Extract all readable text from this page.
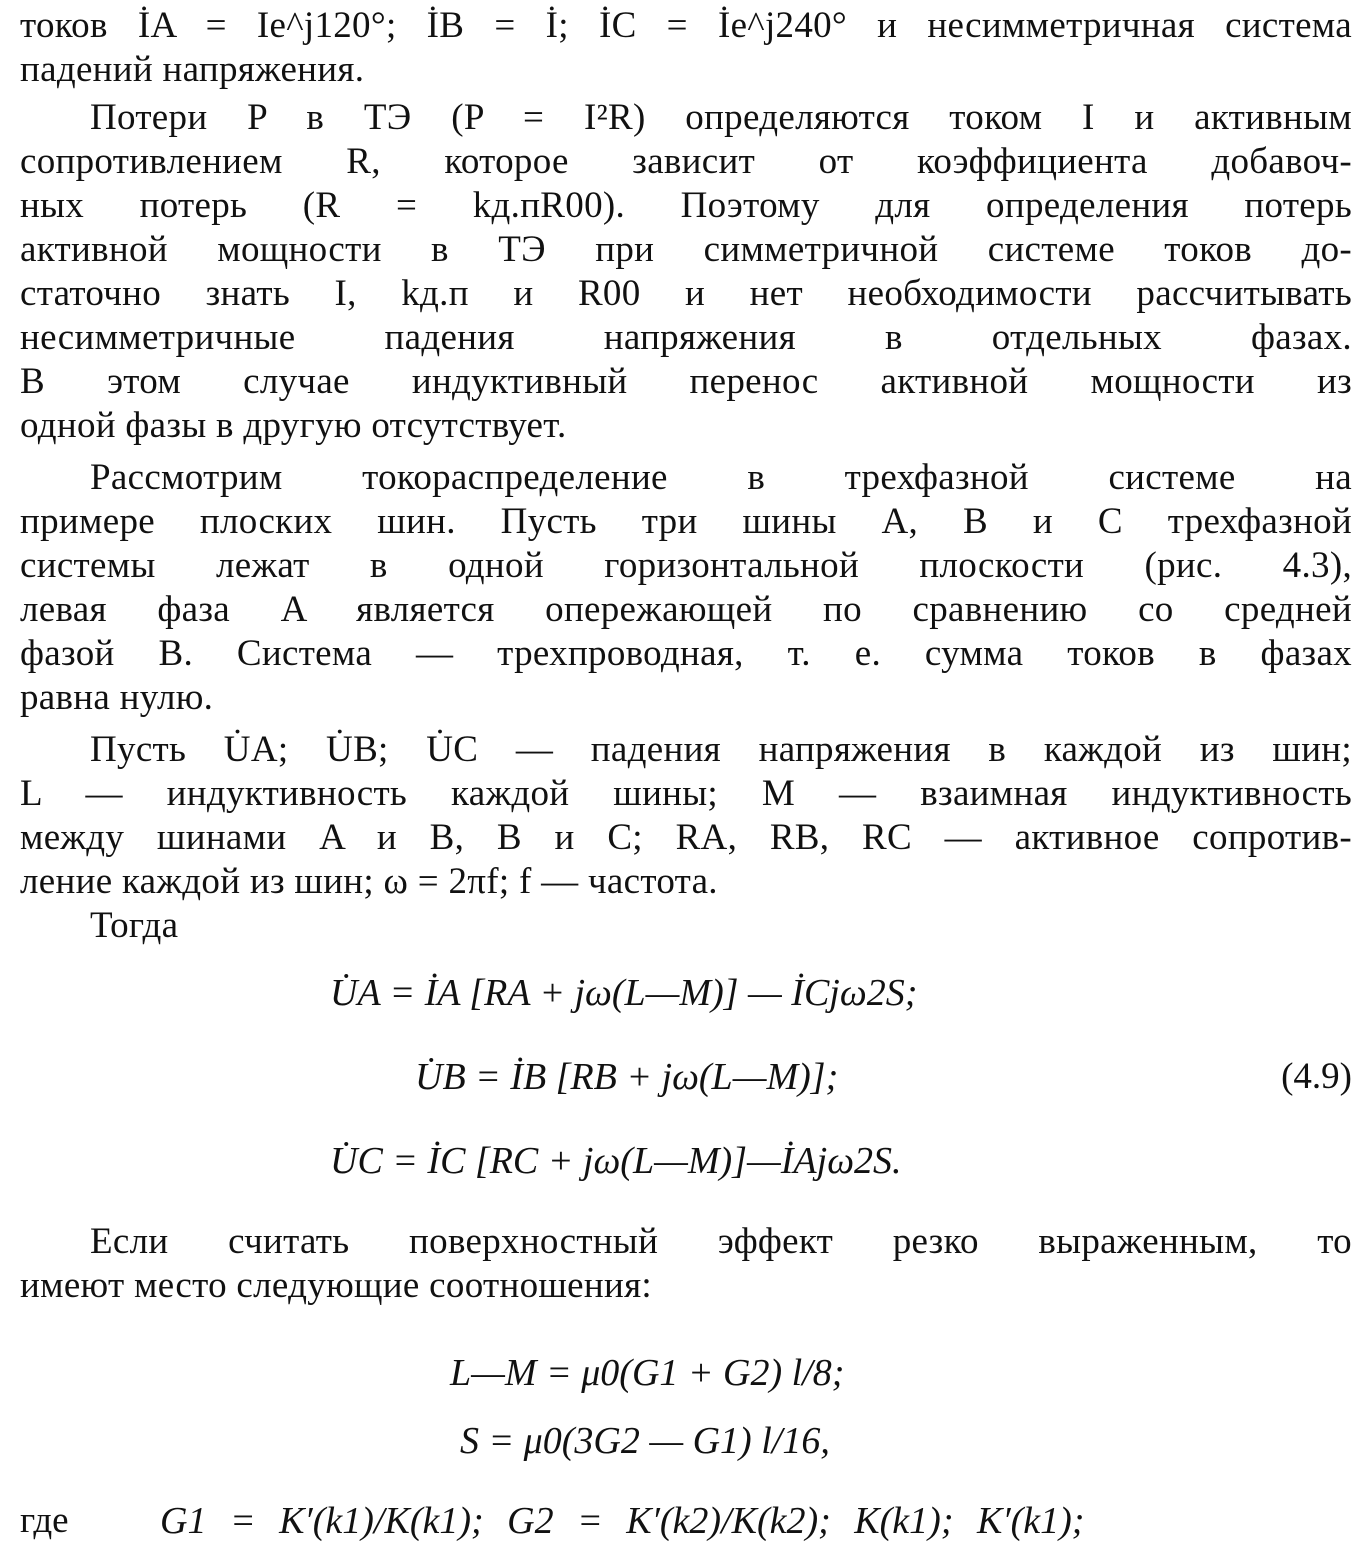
токов İA = Ie^j120°; İB = İ; İC = İe^j240° и несимметричная система
падений напряжения.
Потери P в ТЭ (P = I²R) определяются током I и активным
сопротивлением R, которое зависит от коэффициента добавоч-
ных потерь (R = kд.пR00). Поэтому для определения потерь
активной мощности в ТЭ при симметричной системе токов до-
статочно знать I, kд.п и R00 и нет необходимости рассчитывать
несимметричные падения напряжения в отдельных фазах.
В этом случае индуктивный перенос активной мощности из
одной фазы в другую отсутствует.
Рассмотрим токораспределение в трехфазной системе на
примере плоских шин. Пусть три шины A, B и C трехфазной
системы лежат в одной горизонтальной плоскости (рис. 4.3),
левая фаза A является опережающей по сравнению со средней
фазой B. Система — трехпроводная, т. е. сумма токов в фазах
равна нулю.
Пусть U̇A; U̇B; U̇C — падения напряжения в каждой из шин;
L — индуктивность каждой шины; M — взаимная индуктивность
между шинами A и B, B и C; RA, RB, RC — активное сопротив-
ление каждой из шин; ω = 2πf; f — частота.
Тогда
Если считать поверхностный эффект резко выраженным, то
имеют место следующие соотношения:
U̇A = İA [RA + jω(L—M)] — İCjω2S;
U̇B = İB [RB + jω(L—M)];
U̇C = İC [RC + jω(L—M)]—İAjω2S.
L—M = μ0(G1 + G2) l/8;
S = μ0(3G2 — G1) l/16,
(4.9)
где G1 = K′(k1)/K(k1); G2 = K′(k2)/K(k2); K(k1); K′(k1);
